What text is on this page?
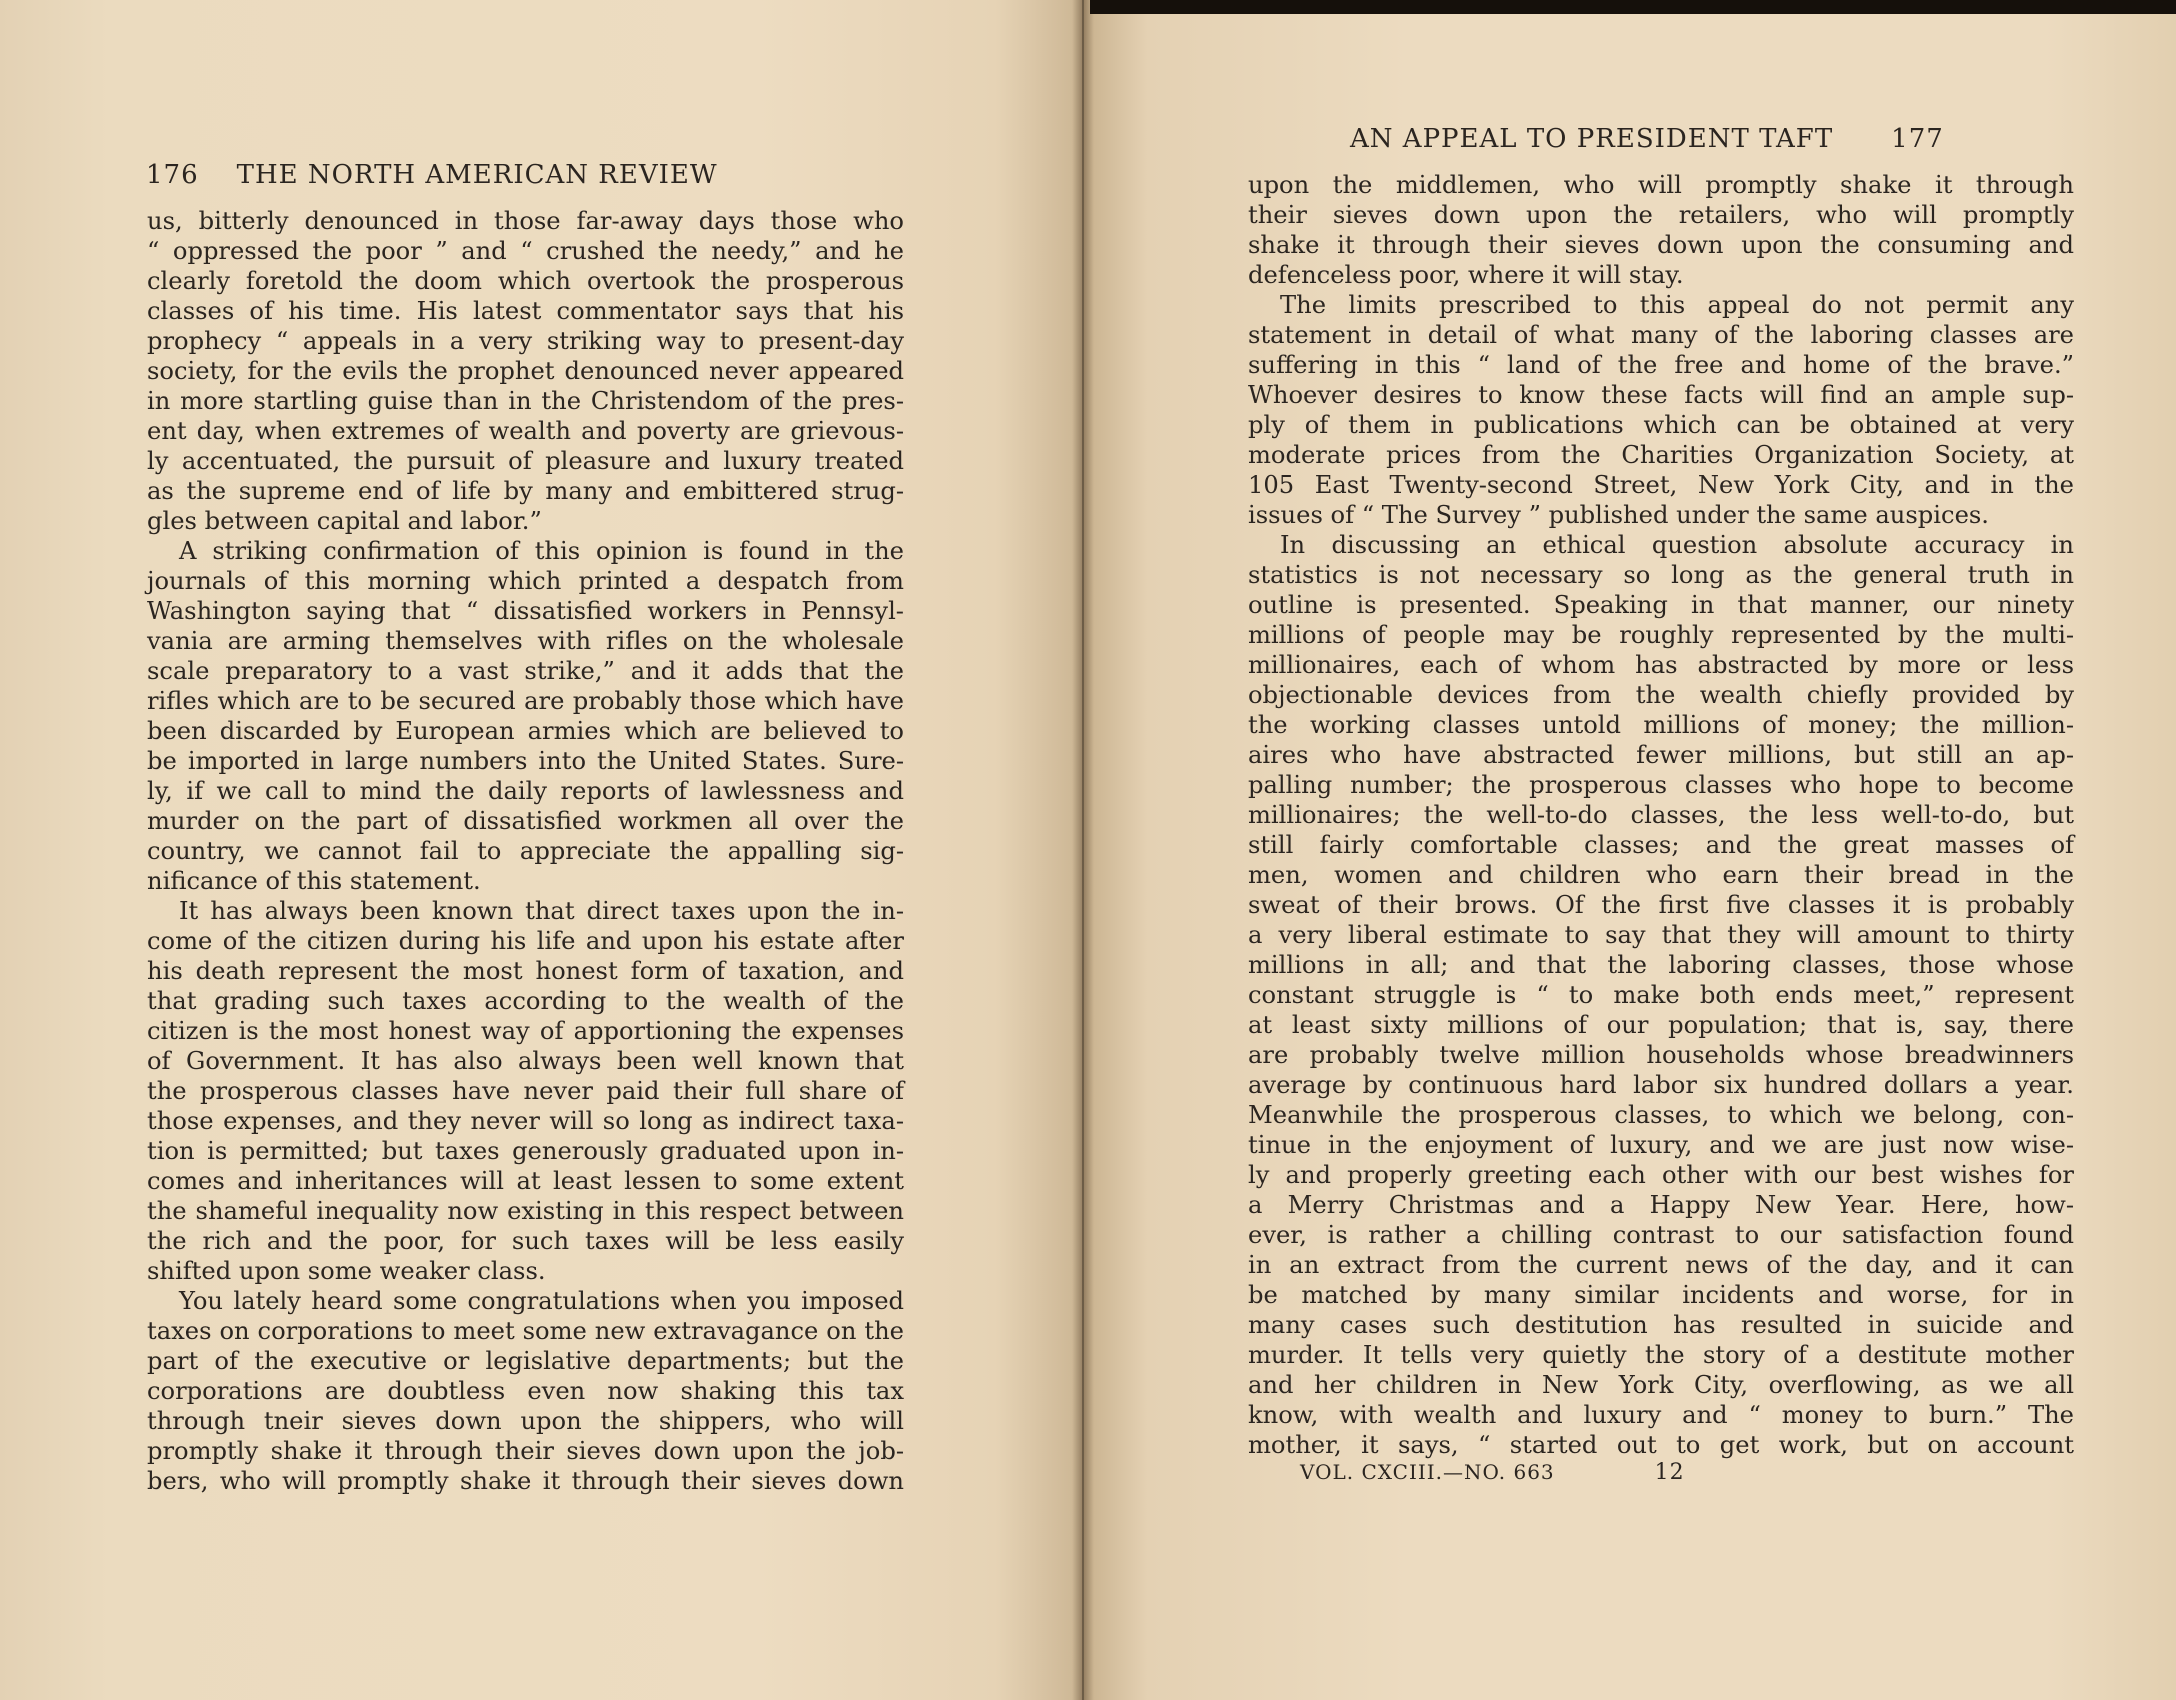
176 THE NORTH AMERICAN REVIEW
us, bitterly denounced in those far-away days those who
“ oppressed the poor ” and “ crushed the needy,” and he
clearly foretold the doom which overtook the prosperous
classes of his time. His latest commentator says that his
prophecy “ appeals in a very striking way to present-day
society, for the evils the prophet denounced never appeared
in more startling guise than in the Christendom of the pres-
ent day, when extremes of wealth and poverty are grievous-
ly accentuated, the pursuit of pleasure and luxury treated
as the supreme end of life by many and embittered strug-
gles between capital and labor.”
A striking confirmation of this opinion is found in the
journals of this morning which printed a despatch from
Washington saying that “ dissatisfied workers in Pennsyl-
vania are arming themselves with rifles on the wholesale
scale preparatory to a vast strike,” and it adds that the
rifles which are to be secured are probably those which have
been discarded by European armies which are believed to
be imported in large numbers into the United States. Sure-
ly, if we call to mind the daily reports of lawlessness and
murder on the part of dissatisfied workmen all over the
country, we cannot fail to appreciate the appalling sig-
nificance of this statement.
It has always been known that direct taxes upon the in-
come of the citizen during his life and upon his estate after
his death represent the most honest form of taxation, and
that grading such taxes according to the wealth of the
citizen is the most honest way of apportioning the expenses
of Government. It has also always been well known that
the prosperous classes have never paid their full share of
those expenses, and they never will so long as indirect taxa-
tion is permitted; but taxes generously graduated upon in-
comes and inheritances will at least lessen to some extent
the shameful inequality now existing in this respect between
the rich and the poor, for such taxes will be less easily
shifted upon some weaker class.
You lately heard some congratulations when you imposed
taxes on corporations to meet some new extravagance on the
part of the executive or legislative departments; but the
corporations are doubtless even now shaking this tax
through tneir sieves down upon the shippers, who will
promptly shake it through their sieves down upon the job-
bers, who will promptly shake it through their sieves down
AN APPEAL TO PRESIDENT TAFT 177
upon the middlemen, who will promptly shake it through
their sieves down upon the retailers, who will promptly
shake it through their sieves down upon the consuming and
defenceless poor, where it will stay.
The limits prescribed to this appeal do not permit any
statement in detail of what many of the laboring classes are
suffering in this “ land of the free and home of the brave.”
Whoever desires to know these facts will find an ample sup-
ply of them in publications which can be obtained at very
moderate prices from the Charities Organization Society, at
105 East Twenty-second Street, New York City, and in the
issues of “ The Survey ” published under the same auspices.
In discussing an ethical question absolute accuracy in
statistics is not necessary so long as the general truth in
outline is presented. Speaking in that manner, our ninety
millions of people may be roughly represented by the multi-
millionaires, each of whom has abstracted by more or less
objectionable devices from the wealth chiefly provided by
the working classes untold millions of money; the million-
aires who have abstracted fewer millions, but still an ap-
palling number; the prosperous classes who hope to become
millionaires; the well-to-do classes, the less well-to-do, but
still fairly comfortable classes; and the great masses of
men, women and children who earn their bread in the
sweat of their brows. Of the first five classes it is probably
a very liberal estimate to say that they will amount to thirty
millions in all; and that the laboring classes, those whose
constant struggle is “ to make both ends meet,” represent
at least sixty millions of our population; that is, say, there
are probably twelve million households whose breadwinners
average by continuous hard labor six hundred dollars a year.
Meanwhile the prosperous classes, to which we belong, con-
tinue in the enjoyment of luxury, and we are just now wise-
ly and properly greeting each other with our best wishes for
a Merry Christmas and a Happy New Year. Here, how-
ever, is rather a chilling contrast to our satisfaction found
in an extract from the current news of the day, and it can
be matched by many similar incidents and worse, for in
many cases such destitution has resulted in suicide and
murder. It tells very quietly the story of a destitute mother
and her children in New York City, overflowing, as we all
know, with wealth and luxury and “ money to burn.” The
mother, it says, “ started out to get work, but on account
VOL. CXCIII.—NO. 663	12
